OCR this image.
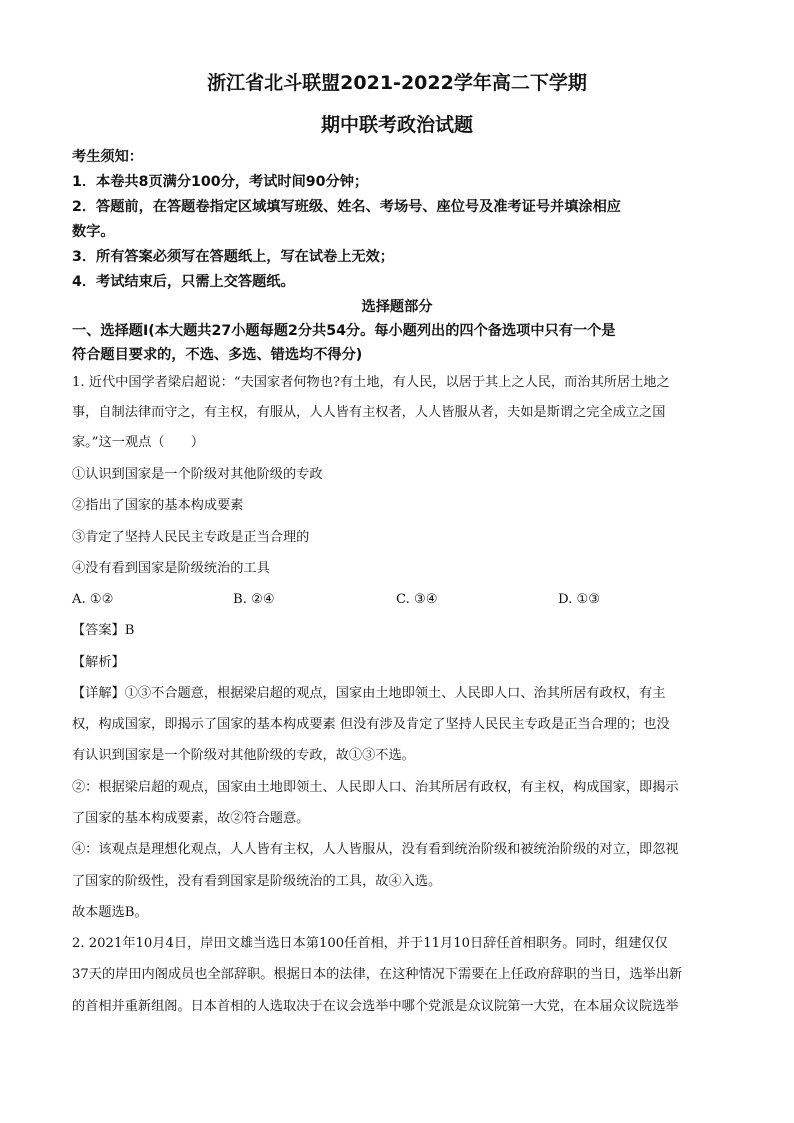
浙江省北斗联盟2021-2022学年高二下学期
期中联考政治试题
考生须知：
1．本卷共8页满分100分，考试时间90分钟；
2．答题前，在答题卷指定区域填写班级、姓名、考场号、座位号及准考证号并填涂相应
数字。
3．所有答案必须写在答题纸上，写在试卷上无效；
4．考试结束后，只需上交答题纸。
选择题部分
一、选择题Ⅰ(本大题共27小题每题2分共54分。每小题列出的四个备选项中只有一个是
符合题目要求的，不选、多选、错选均不得分)
1. 近代中国学者梁启超说：“夫国家者何物也?有土地，有人民，以居于其上之人民，而治其所居土地之
事，自制法律而守之，有主权，有服从，人人皆有主权者，人人皆服从者，夫如是斯谓之完全成立之国
家。”这一观点（　　）
①认识到国家是一个阶级对其他阶级的专政
②指出了国家的基本构成要素
③肯定了坚持人民民主专政是正当合理的
④没有看到国家是阶级统治的工具
A. ①②	B. ②④	C. ③④	D. ①③
【答案】B
【解析】
【详解】①③不合题意，根据梁启超的观点，国家由土地即领土、人民即人口、治其所居有政权，有主
权，构成国家，即揭示了国家的基本构成要素 但没有涉及肯定了坚持人民民主专政是正当合理的；也没
有认识到国家是一个阶级对其他阶级的专政，故①③不选。
②：根据梁启超的观点，国家由土地即领土、人民即人口、治其所居有政权，有主权，构成国家，即揭示
了国家的基本构成要素，故②符合题意。
④：该观点是理想化观点，人人皆有主权，人人皆服从，没有看到统治阶级和被统治阶级的对立，即忽视
了国家的阶级性，没有看到国家是阶级统治的工具，故④入选。
故本题选B。
2. 2021年10月4日，岸田文雄当选日本第100任首相，并于11月10日辞任首相职务。同时，组建仅仅
37天的岸田内阁成员也全部辞职。根据日本的法律，在这种情况下需要在上任政府辞职的当日，选举出新
的首相并重新组阁。日本首相的人选取决于在议会选举中哪个党派是众议院第一大党，在本届众议院选举
